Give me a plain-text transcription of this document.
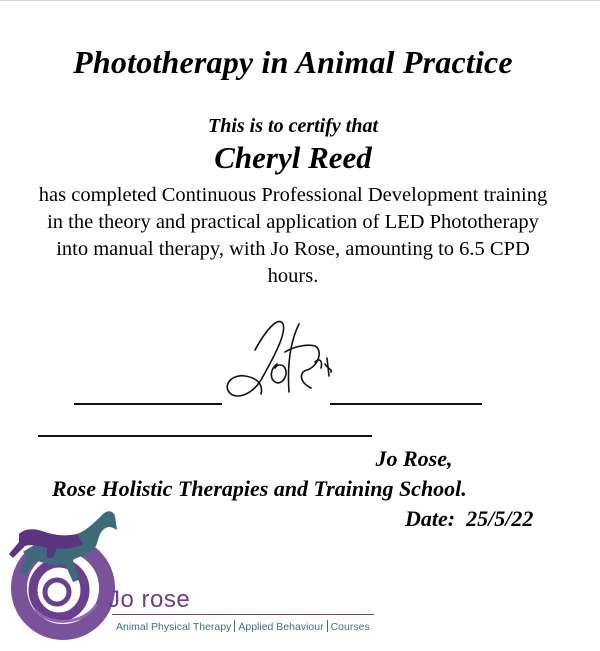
Phototherapy in Animal Practice

This is to certify that

Cheryl Reed

has completed Continuous Professional Development training
in the theory and practical application of LED Phototherapy
into manual therapy, with Jo Rose, amounting to 6.5 CPD
hours.

Jo Rose,

Rose Holistic Therapies and Training School.

Date:  25/5/22

Jo rose
Animal Physical Therapy Applied Behaviour Courses
